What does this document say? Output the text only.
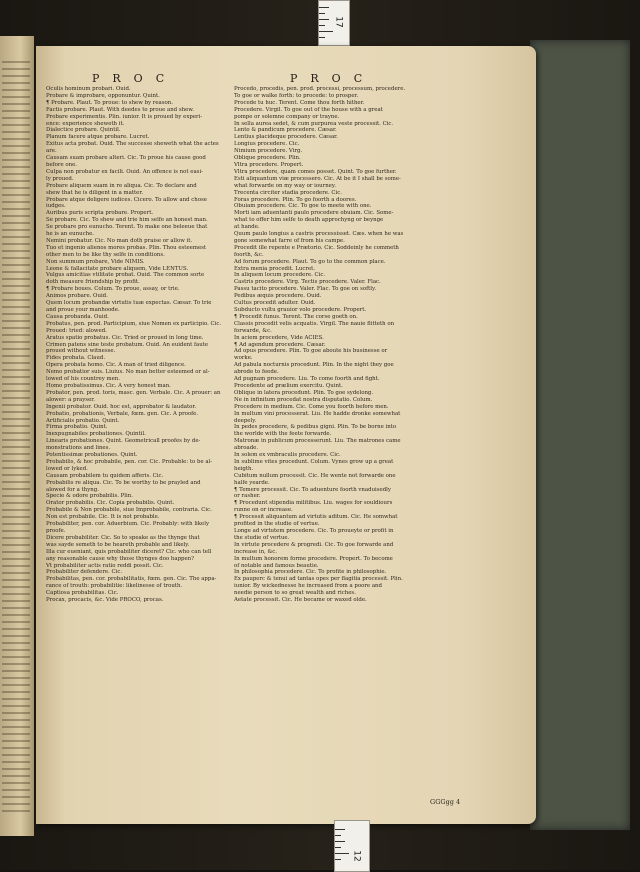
17
PROC	PROC
Oculis hominum probari. Ouid.
Probare & improbare, opponuntur. Quint.
¶ Probare. Plaut. To proue: to shew by reason.
Factis probare. Plaut. With deedes to proue and shew.
Probare experimentis. Plin. iunior. It is proued by experi-
ence: experience sheweth it.
Dialectice probare. Quintil.
Planum facere atque probare. Lucret.
Exitus acta probat. Ouid. The successe sheweth what the actes
are.
Causam suam probare alteri. Cic. To proue his cause good
before one.
Culpa non probatur ex facili. Ouid. An offence is not easi-
ly proued.
Probare aliquem suam in re aliqua. Cic. To declare and
shew that he is diligent in a matter.
Probare atque deligere iudices. Cicero. To allow and chose
iudges.
Auribus puris scripta probare. Propert.
Se probare. Cic. To shew and trie him selfe an honest man.
Se probare pro eunucho. Terent. To make one beleeue that
he is an eunuche.
Nemini probatur. Cic. No man doth praise or allow it.
Tuo et ingenio alienos mores probas. Plin. Thou esteemest
other men to be like thy selfe in conditions.
Non summum probare, Vide NIMIS.
Leone & fallacitate probare aliquem, Vide LENTUS.
Vulgus amicitias vtilitate probat. Ouid. The common sorte
doth measure friendship by profit.
¶ Probare boues. Colum. To proue, assay, or trie.
Animos probare. Ouid.
Quem locum probandæ virtutis tuæ expectas. Cæsar. To trie
and proue your manhoode.
Causa probanda. Ouid.
Probatus, pen. prod. Participium, siue Nomen ex participio. Cic.
Proued: tried: alowed.
Aratus spatio probatus. Cic. Tried or proued in long time.
Crimen patens sine teste probatum. Ouid. An euident faute
proued without witnesse.
Fides probata. Claud.
Opera probata homo. Cic. A man of tried diligence.
Nemo probatior suis. Liuius. No man better esteemed or al-
lowed of his countrey men.
Homo probatissimus. Cic. A very honest man.
Probator, pen. prod. toris, masc. gen. Verbale. Cic. A prouer: an
alower: a prayser.
Ingenii probator. Ouid. hoc est, approbator & laudator.
Probatio, probationis, Verbale, fœm. gen. Cic. A proofe.
Artificialis probatio. Quint.
Firma probatio. Quint.
Inexpugnabiles probationes. Quintil.
Linearis probationes. Quint. Geometricall proofes by de-
monstrations and lines.
Potentissimæ probationes. Quint.
Probabilis, & hoc probabile, pen. cor. Cic. Probable: to be al-
lowed or lyked.
Causam probabilem tu quidem afferis. Cic.
Probabilis re aliqua. Cic. To be worthy to be prayled and
alowed for a thyng.
Specie & odore probabilis. Plin.
Orator probabilis. Cic. Copia probabilis. Quint.
Probabile & Non probabile, siue Improbabile, contraria. Cic.
Non est probabile. Cic. It is not probable.
Probabiliter, pen. cor. Aduerbium. Cic. Probably: with likely
proofe.
Dicere probabiliter. Cic. So to speake as the thynge that
was sayde semeth to be heareth probable and likely.
Illa cur eueniant, quis probabiliter diceret? Cic. who can tell
any reasonable cause why those thynges doo happen?
Vt probabiliter actis ratio reddi possit. Cic.
Probabiliter defendere. Cic.
Probabilitas, pen. cor. probabilitatis, fœm. gen. Cic. The appa-
rance of trouth: probabilitie: likelinesse of trouth.
Captiosa probabilitas. Cic.
Procax, procacis, &c. Vide PROCO, procas.
Procedo, procedis, pen. prod. processi, processum, procedere.
To goe or walke forth: to procede: to prosper.
Procede tu huc. Terent. Come thou forth hither.
Procedere. Virgil. To goe out of the house with a great
pompe or solemne company or trayne.
In sella aurea sedet, & cum purpurea veste processit. Cic.
Lento & pandicum procedere. Cæsar.
Lentius placideque procedere. Cæsar.
Longius procedere. Cic.
Nimium procedere. Virg.
Oblique procedere. Plin.
Vltra procedere. Propert.
Vltra procedere, quam comes posset. Quint. To goe further.
Esti aliquantum viæ processero. Cic. At be it I shall be some-
what forwarde on my way or iourney.
Trecenta circiter stadia procedere. Cic.
Foras procedere. Plin. To go foorth a doores.
Obuiam procedere. Cic. To goe to meete with one.
Morti iam aduentanti paulo procedere obuiam. Cic. Some-
what to offer him selfe to death approchyng or beynge
at hande.
Quum paulo longius a castris processisset. Cæs. when he was
gone somewhat farre of from his campe.
Procedit ille repente e Prætorio. Cic. Soddeinly he commeth
foorth, &c.
Ad forum procedere. Plaut. To go to the common place.
Extra menia procedit. Lucret.
In aliquem locum procedere. Cic.
Castris procedere. Virg. Tectis procedere. Valer. Flac.
Passu tacito procedere. Valer. Flac. To goe on softly.
Pedibus æquis procedere. Ouid.
Cultus procedit adulter. Ouid.
Subducto vultu grauior volo procedere. Propert.
¶ Procedit funus. Terent. The corse goeth on.
Classis procedit velis acquatis. Virgil. The nauie flitteth on
forwarde, &c.
In aciem procedere, Vide ACIES.
¶ Ad agendum procedere. Cæsar.
Ad opus procedere. Plin. To goe aboute his businesse or
worke.
Ad pabula nocturnis procedunt. Plin. In the night they goe
abrode to feede.
Ad pugnam procedere. Liu. To come foorth and fight.
Procedente ad prælium exercitu. Quint.
Oblique in latera procedunt. Plin. To goe sydelong.
Ne in infinitum procedat nostra disputatio. Colum.
Procedere in medium. Cic. Come you foorth before men.
In multum vini processerat. Liu. He hadde dronke somewhat
deepely.
In pedes procedere, & pedibus gigni. Plin. To be borne into
the worlde with the feete forwarde.
Matronæ in publicum processerunt. Liu. The matrones came
abroade.
In solem ex vmbraculis procedere. Cic.
In sublime vites procedunt. Colum. Vynes grow up a great
heigth.
Cubitum nullum processit. Cic. He wente not forwarde one
halfe yearde.
¶ Temere processit. Cic. To aduenture foorth vnaduisedly
or rasher.
¶ Procedunt stipendia militibus. Liu. wages for souldiours
runne on or increase.
¶ Processit aliquantum ad virtutis aditum. Cic. He somwhat
profited in the studie of vertue.
Longe ad virtutem procedere. Cic. To proueyte or profit in
the studie of vertue.
In virtute procedere & progredi. Cic. To goe forwarde and
increase in, &c.
In multum honorem forme procedere. Propert. To become
of notable and famous beautie.
In philosophia procedere. Cic. To profite in philosophie.
Ex pauperc & tenui ad tantas opes per flagitia processit. Plin.
iunior. By wickednesse he increased from a poore and
needie person to so great wealth and riches.
Aetate processit. Cic. He became or waxed olde.
GGGgg 4
12
